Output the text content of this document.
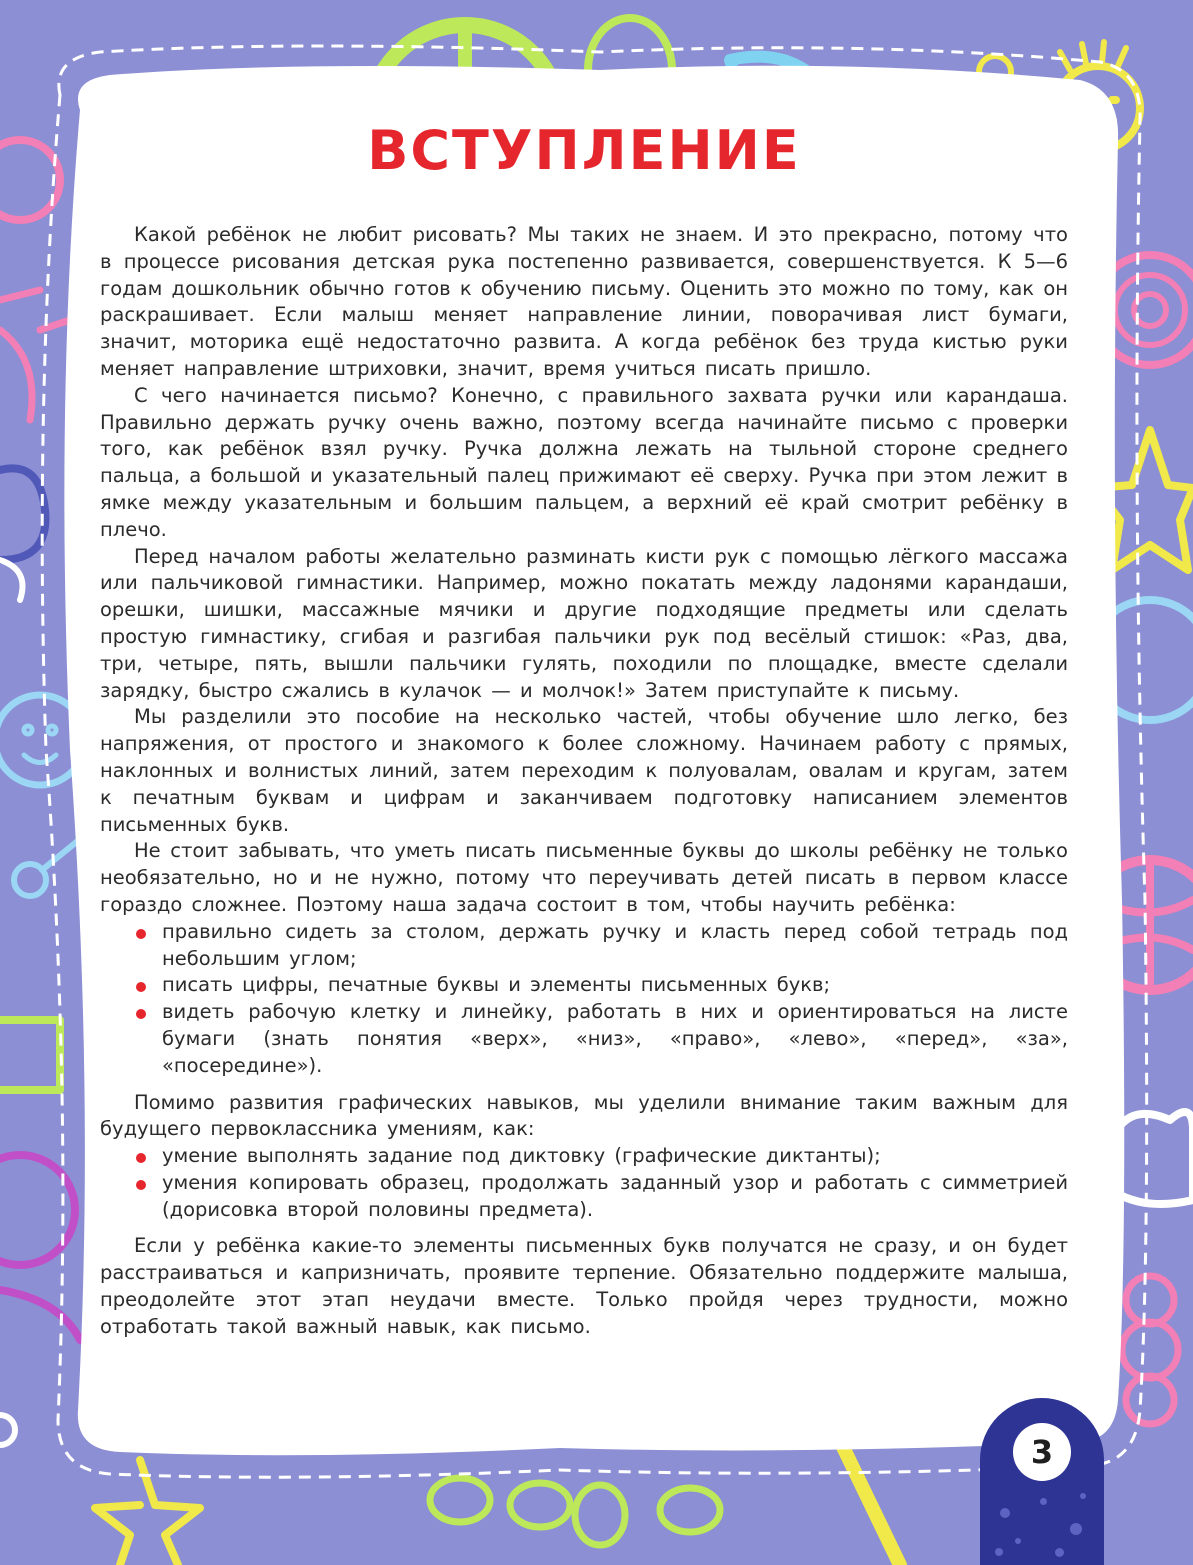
ВСТУПЛЕНИЕ

Какой ребёнок не любит рисовать? Мы таких не знаем. И это прекрасно, потому что в процессе рисования детская рука постепенно развивается, совершенствуется. К 5—6 годам дошкольник обычно готов к обучению письму. Оценить это можно по тому, как он раскрашивает. Если малыш меняет направление линии, поворачивая лист бумаги, значит, моторика ещё недостаточно развита. А когда ребёнок без труда кистью руки меняет направление штриховки, значит, время учиться писать пришло.

С чего начинается письмо? Конечно, с правильного захвата ручки или карандаша. Правильно держать ручку очень важно, поэтому всегда начинайте письмо с проверки того, как ребёнок взял ручку. Ручка должна лежать на тыльной стороне среднего пальца, а большой и указательный палец прижимают её сверху. Ручка при этом лежит в ямке между указательным и большим пальцем, а верхний её край смотрит ребёнку в плечо.

Перед началом работы желательно разминать кисти рук с помощью лёгкого массажа или пальчиковой гимнастики. Например, можно покатать между ладонями карандаши, орешки, шишки, массажные мячики и другие подходящие предметы или сделать простую гимнастику, сгибая и разгибая пальчики рук под весёлый стишок: «Раз, два, три, четыре, пять, вышли пальчики гулять, походили по площадке, вместе сделали зарядку, быстро сжались в кулачок — и молчок!» Затем приступайте к письму.

Мы разделили это пособие на несколько частей, чтобы обучение шло легко, без напряжения, от простого и знакомого к более сложному. Начинаем работу с прямых, наклонных и волнистых линий, затем переходим к полуовалам, овалам и кругам, затем к печатным буквам и цифрам и заканчиваем подготовку написанием элементов письменных букв.

Не стоит забывать, что уметь писать письменные буквы до школы ребёнку не только необязательно, но и не нужно, потому что переучивать детей писать в первом классе гораздо сложнее. Поэтому наша задача состоит в том, чтобы научить ребёнка:

правильно сидеть за столом, держать ручку и класть перед собой тетрадь под небольшим углом;
писать цифры, печатные буквы и элементы письменных букв;
видеть рабочую клетку и линейку, работать в них и ориентироваться на листе бумаги (знать понятия «верх», «низ», «право», «лево», «перед», «за», «посередине»).

Помимо развития графических навыков, мы уделили внимание таким важным для будущего первоклассника умениям, как:

умение выполнять задание под диктовку (графические диктанты);
умения копировать образец, продолжать заданный узор и работать с симметрией (дорисовка второй половины предмета).

Если у ребёнка какие-то элементы письменных букв получатся не сразу, и он будет расстраиваться и капризничать, проявите терпение. Обязательно поддержите малыша, преодолейте этот этап неудачи вместе. Только пройдя через трудности, можно отработать такой важный навык, как письмо.

3
